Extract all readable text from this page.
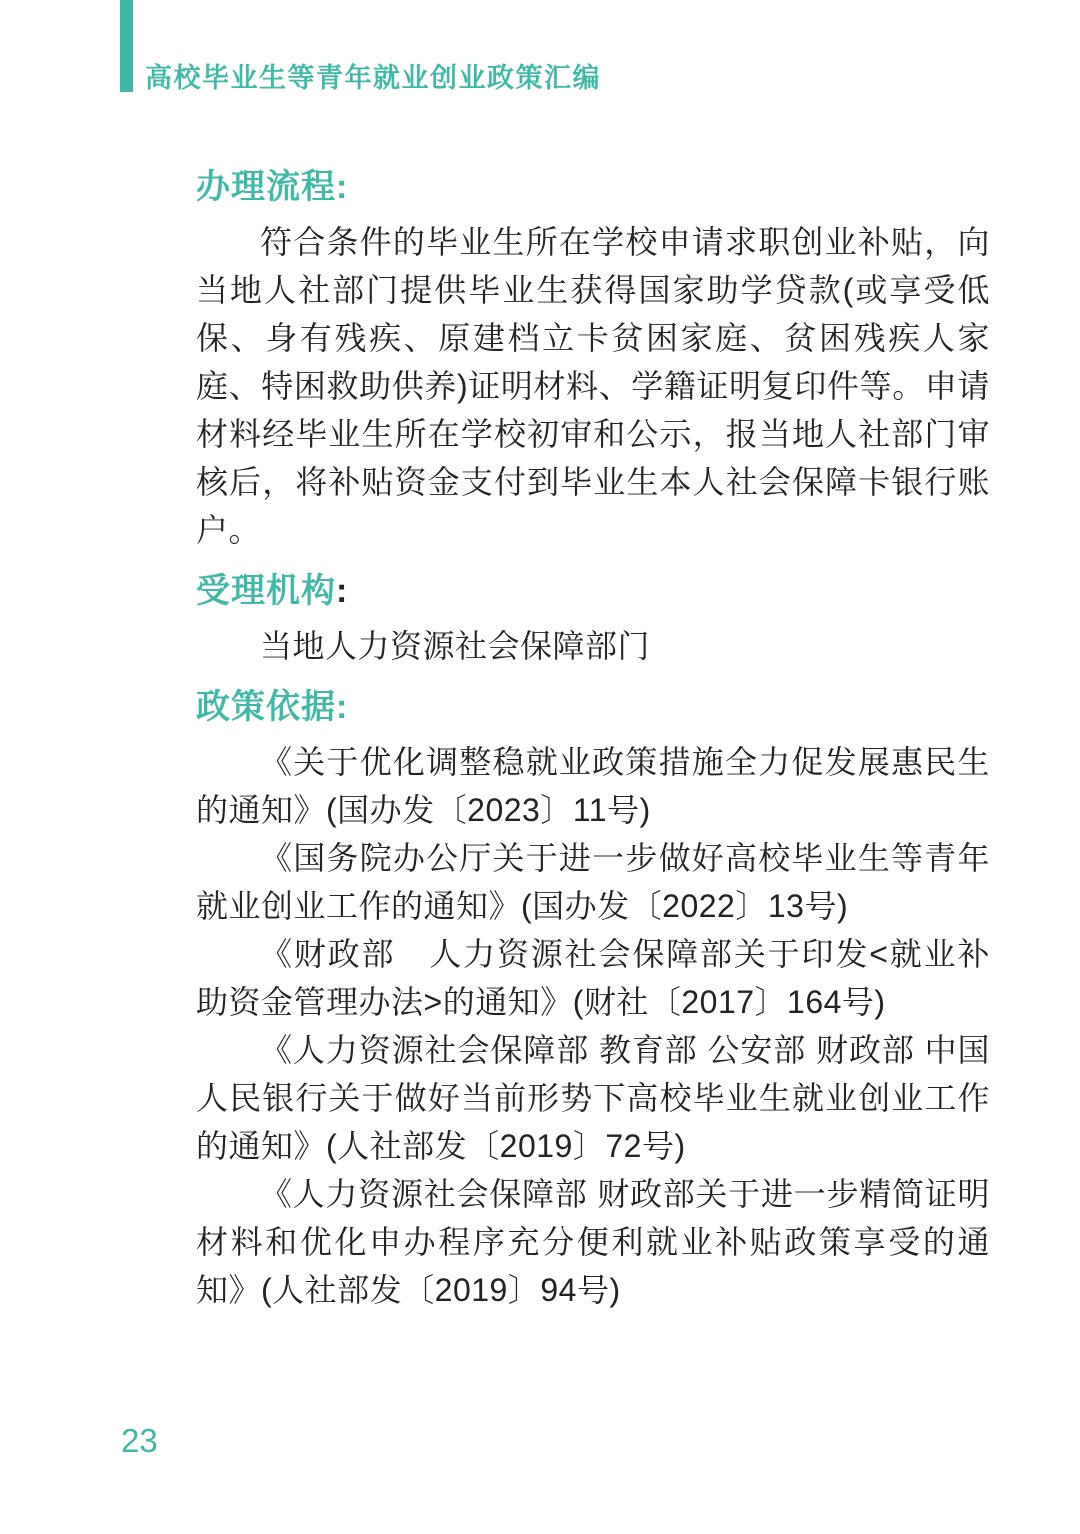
高校毕业生等青年就业创业政策汇编
办理流程:

符合条件的毕业生所在学校申请求职创业补贴，向当地人社部门提供毕业生获得国家助学贷款(或享受低保、身有残疾、原建档立卡贫困家庭、贫困残疾人家庭、特困救助供养)证明材料、学籍证明复印件等。申请材料经毕业生所在学校初审和公示，报当地人社部门审核后，将补贴资金支付到毕业生本人社会保障卡银行账户。

受理机构:

当地人力资源社会保障部门

政策依据:

《关于优化调整稳就业政策措施全力促发展惠民生的通知》(国办发〔2023〕11号)

《国务院办公厅关于进一步做好高校毕业生等青年就业创业工作的通知》(国办发〔2022〕13号)

《财政部　人力资源社会保障部关于印发<就业补助资金管理办法>的通知》(财社〔2017〕164号)

《人力资源社会保障部 教育部 公安部 财政部 中国人民银行关于做好当前形势下高校毕业生就业创业工作的通知》(人社部发〔2019〕72号)

《人力资源社会保障部 财政部关于进一步精简证明材料和优化申办程序充分便利就业补贴政策享受的通知》(人社部发〔2019〕94号)

23
